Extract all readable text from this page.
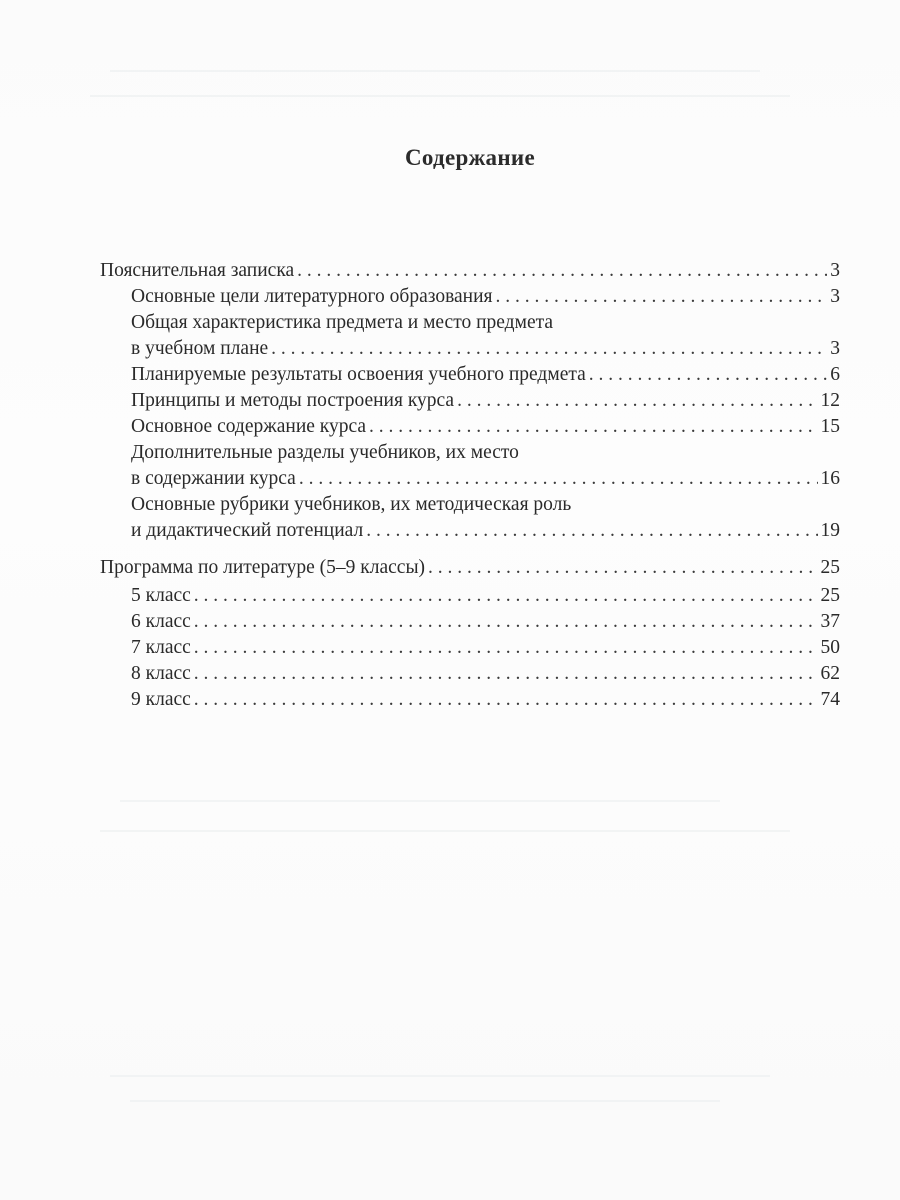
Содержание
Пояснительная записка . . .	3
Основные цели литературного образования . . .	3
Общая характеристика предмета и место предмета
в учебном плане . . .	3
Планируемые результаты освоения учебного предмета . . .	6
Принципы и методы построения курса . . .	12
Основное содержание курса . . .	15
Дополнительные разделы учебников, их место
в содержании курса . . .	16
Основные рубрики учебников, их методическая роль
и дидактический потенциал . . .	19
Программа по литературе (5–9 классы) . . .	25
5 класс . . .	25
6 класс . . .	37
7 класс . . .	50
8 класс . . .	62
9 класс . . .	74
